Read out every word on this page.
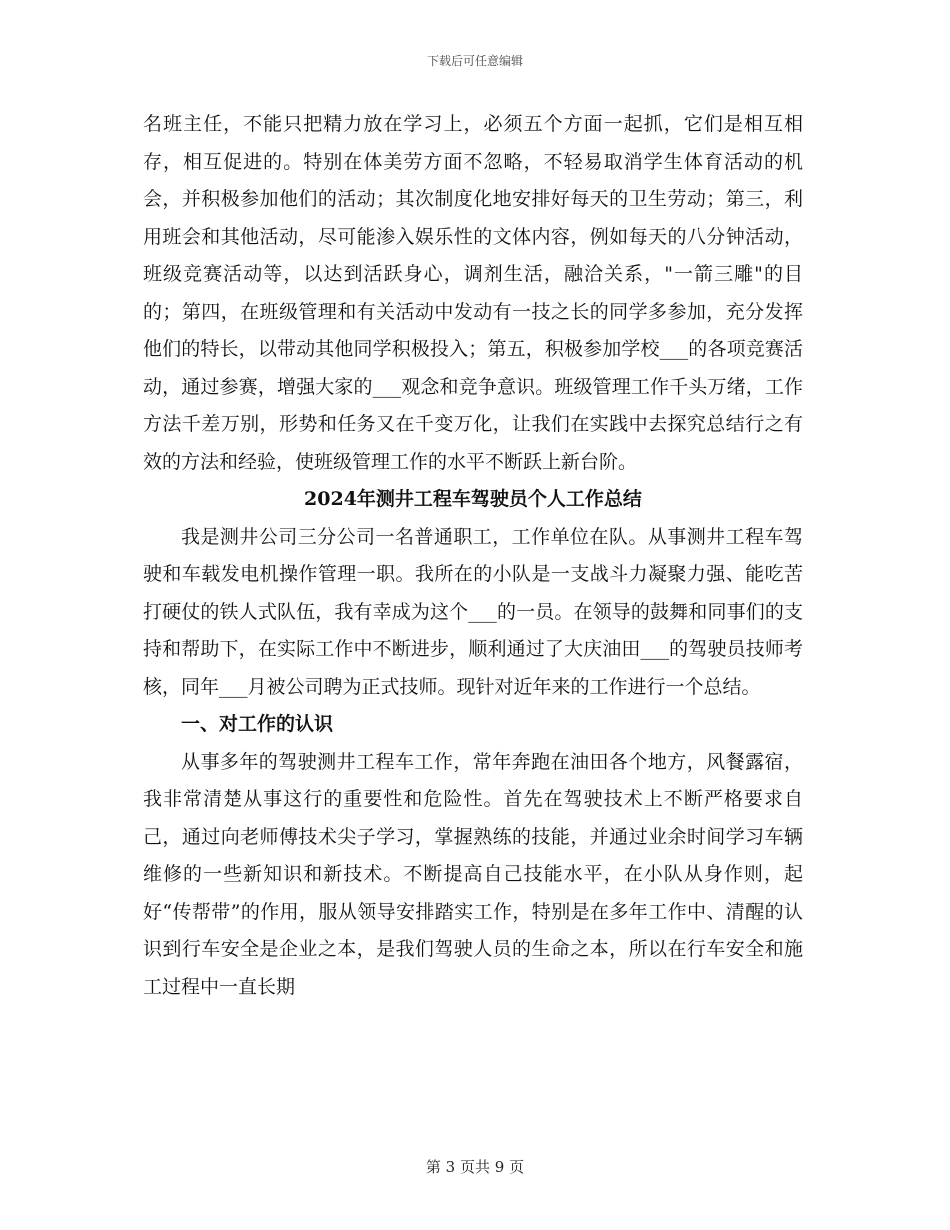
下载后可任意编辑

名班主任，不能只把精力放在学习上，必须五个方面一起抓，它们是相互相存，相互促进的。特别在体美劳方面不忽略，不轻易取消学生体育活动的机会，并积极参加他们的活动；其次制度化地安排好每天的卫生劳动；第三，利用班会和其他活动，尽可能渗入娱乐性的文体内容，例如每天的八分钟活动，班级竞赛活动等，以达到活跃身心，调剂生活，融洽关系，"一箭三雕"的目的；第四，在班级管理和有关活动中发动有一技之长的同学多参加，充分发挥他们的特长，以带动其他同学积极投入；第五，积极参加学校___的各项竞赛活动，通过参赛，增强大家的___观念和竞争意识。班级管理工作千头万绪，工作方法千差万别，形势和任务又在千变万化，让我们在实践中去探究总结行之有效的方法和经验，使班级管理工作的水平不断跃上新台阶。

2024年测井工程车驾驶员个人工作总结

我是测井公司三分公司一名普通职工，工作单位在队。从事测井工程车驾驶和车载发电机操作管理一职。我所在的小队是一支战斗力凝聚力强、能吃苦打硬仗的铁人式队伍，我有幸成为这个___的一员。在领导的鼓舞和同事们的支持和帮助下，在实际工作中不断进步，顺利通过了大庆油田___的驾驶员技师考核，同年___月被公司聘为正式技师。现针对近年来的工作进行一个总结。

一、对工作的认识

从事多年的驾驶测井工程车工作，常年奔跑在油田各个地方，风餐露宿，我非常清楚从事这行的重要性和危险性。首先在驾驶技术上不断严格要求自己，通过向老师傅技术尖子学习，掌握熟练的技能，并通过业余时间学习车辆维修的一些新知识和新技术。不断提高自己技能水平，在小队从身作则，起好“传帮带”的作用，服从领导安排踏实工作，特别是在多年工作中、清醒的认识到行车安全是企业之本，是我们驾驶人员的生命之本，所以在行车安全和施工过程中一直长期

第 3 页共 9 页
